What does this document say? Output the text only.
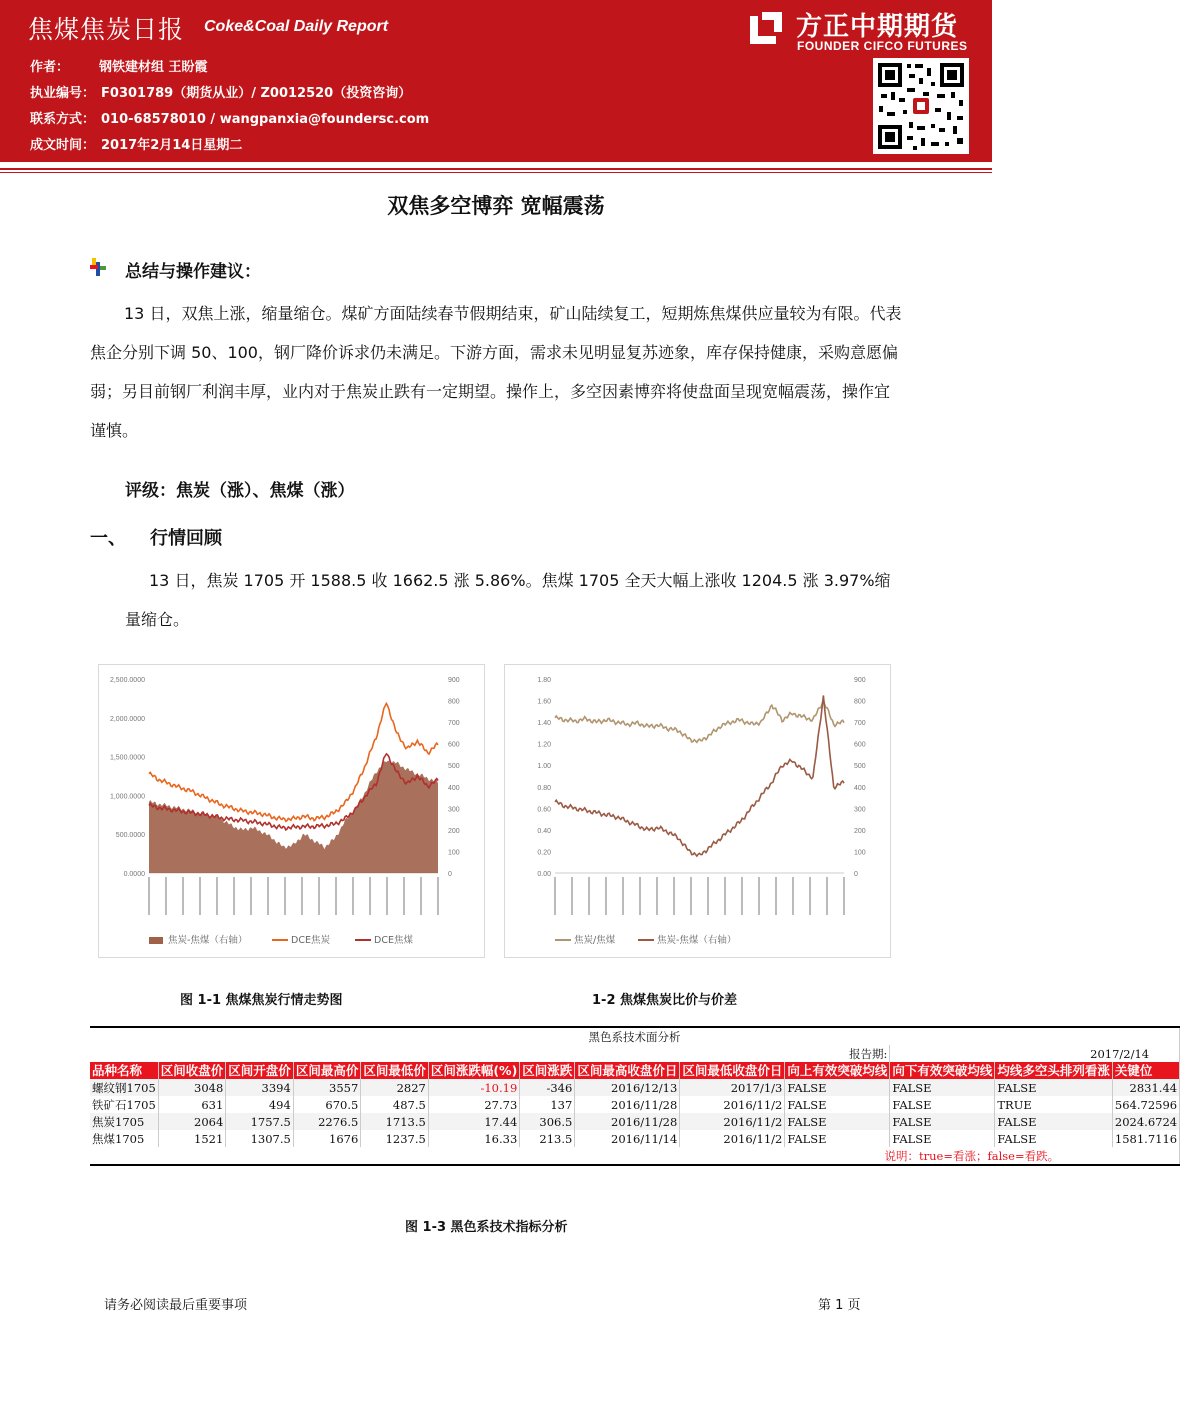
焦煤焦炭日报 Coke&Coal Daily Report	方正中期期货
FOUNDER CIFCO FUTURES
作者： 钢铁建材组 王盼霞
执业编号： F0301789（期货从业）/ Z0012520（投资咨询）
联系方式： 010-68578010 / wangpanxia@foundersc.com
成文时间： 2017年2月14日星期二
双焦多空博弈 宽幅震荡
总结与操作建议：
13 日，双焦上涨，缩量缩仓。煤矿方面陆续春节假期结束，矿山陆续复工，短期炼焦煤供应量较为有限。代表焦企分别下调 50、100，钢厂降价诉求仍未满足。下游方面，需求未见明显复苏迹象，库存保持健康，采购意愿偏弱；另目前钢厂利润丰厚，业内对于焦炭止跌有一定期望。操作上，多空因素博弈将使盘面呈现宽幅震荡，操作宜谨慎。
评级：焦炭（涨）、焦煤（涨）
一、 行情回顾
13 日，焦炭 1705 开 1588.5 收 1662.5 涨 5.86%。焦煤 1705 全天大幅上涨收 1204.5 涨 3.97%缩量缩仓。
2,500.0000
2,000.0000
1,500.0000
1,000.0000
500.0000
0.0000
900
800
700
600
500
400
300
200
100
0
焦炭-焦煤（右轴）	DCE焦炭	DCE焦煤
1.80
1.60
1.40
1.20
1.00
0.80
0.60
0.40
0.20
0.00
900
800
700
600
500
400
300
200
100
0
焦炭/焦煤	焦炭-焦煤（右轴）
图 1-1 焦煤焦炭行情走势图	1-2 焦煤焦炭比价与价差
黑色系技术面分析												
报告期:										2017/2/14		
品种名称	区间收盘价	区间开盘价	区间最高价	区间最低价	区间涨跌幅(%)	区间涨跌	区间最高收盘价日	区间最低收盘价日	向上有效突破均线	向下有效突破均线	均线多空头排列看涨	关键位
螺纹钢1705	3048	3394	3557	2827	-10.19	-346	2016/12/13	2017/1/3	FALSE	FALSE	FALSE	2831.44
铁矿石1705	631	494	670.5	487.5	27.73	137	2016/11/28	2016/11/2	FALSE	FALSE	TRUE	564.72596
焦炭1705	2064	1757.5	2276.5	1713.5	17.44	306.5	2016/11/28	2016/11/2	FALSE	FALSE	FALSE	2024.6724
焦煤1705	1521	1307.5	1676	1237.5	16.33	213.5	2016/11/14	2016/11/2	FALSE	FALSE	FALSE	1581.7116
说明：true=看涨；false=看跌。												
图 1-3 黑色系技术指标分析
请务必阅读最后重要事项	第 1 页
